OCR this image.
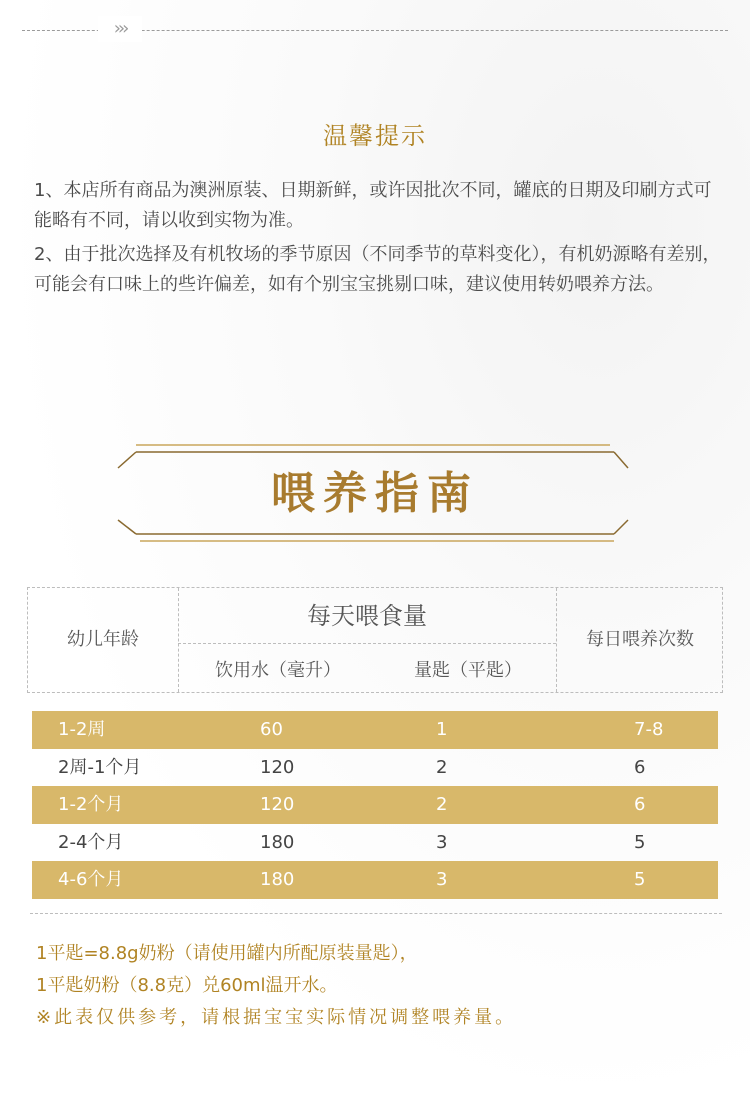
›››
温馨提示

1、本店所有商品为澳洲原装、日期新鲜，或许因批次不同，罐底的日期及印刷方式可能略有不同，请以收到实物为准。

2、由于批次选择及有机牧场的季节原因（不同季节的草料变化），有机奶源略有差别，可能会有口味上的些许偏差，如有个别宝宝挑剔口味，建议使用转奶喂养方法。

喂养指南
幼儿年龄
每天喂食量
饮用水（毫升）	量匙（平匙）
每日喂养次数
1-2周	60	1	7-8
2周-1个月	120	2	6
1-2个月	120	2	6
2-4个月	180	3	5
4-6个月	180	3	5

1平匙=8.8g奶粉（请使用罐内所配原装量匙），

1平匙奶粉（8.8克）兑60ml温开水。

※此表仅供参考，请根据宝宝实际情况调整喂养量。
